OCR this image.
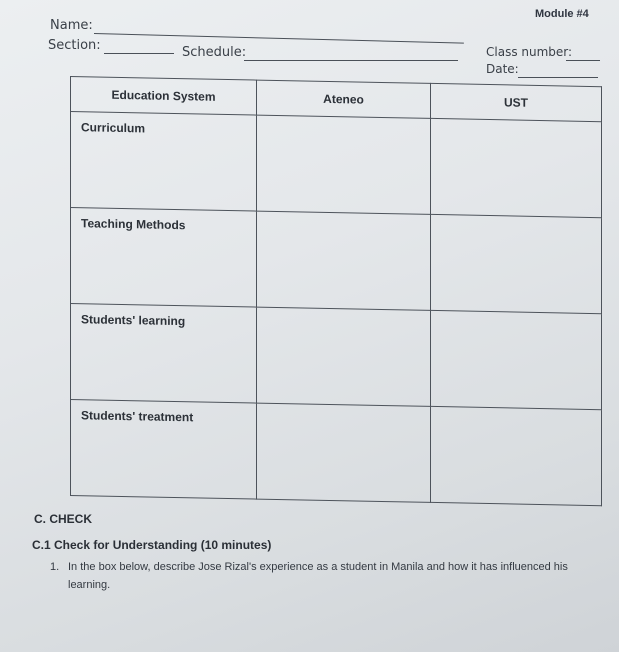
Module #4
Name:
Section:	Schedule:	Class number:
Date:
Education System	Ateneo	UST
Curriculum		
Teaching Methods		
Students' learning		
Students' treatment		
C. CHECK
C.1 Check for Understanding (10 minutes)
1. In the box below, describe Jose Rizal's experience as a student in Manila and how it has influenced his
learning.
